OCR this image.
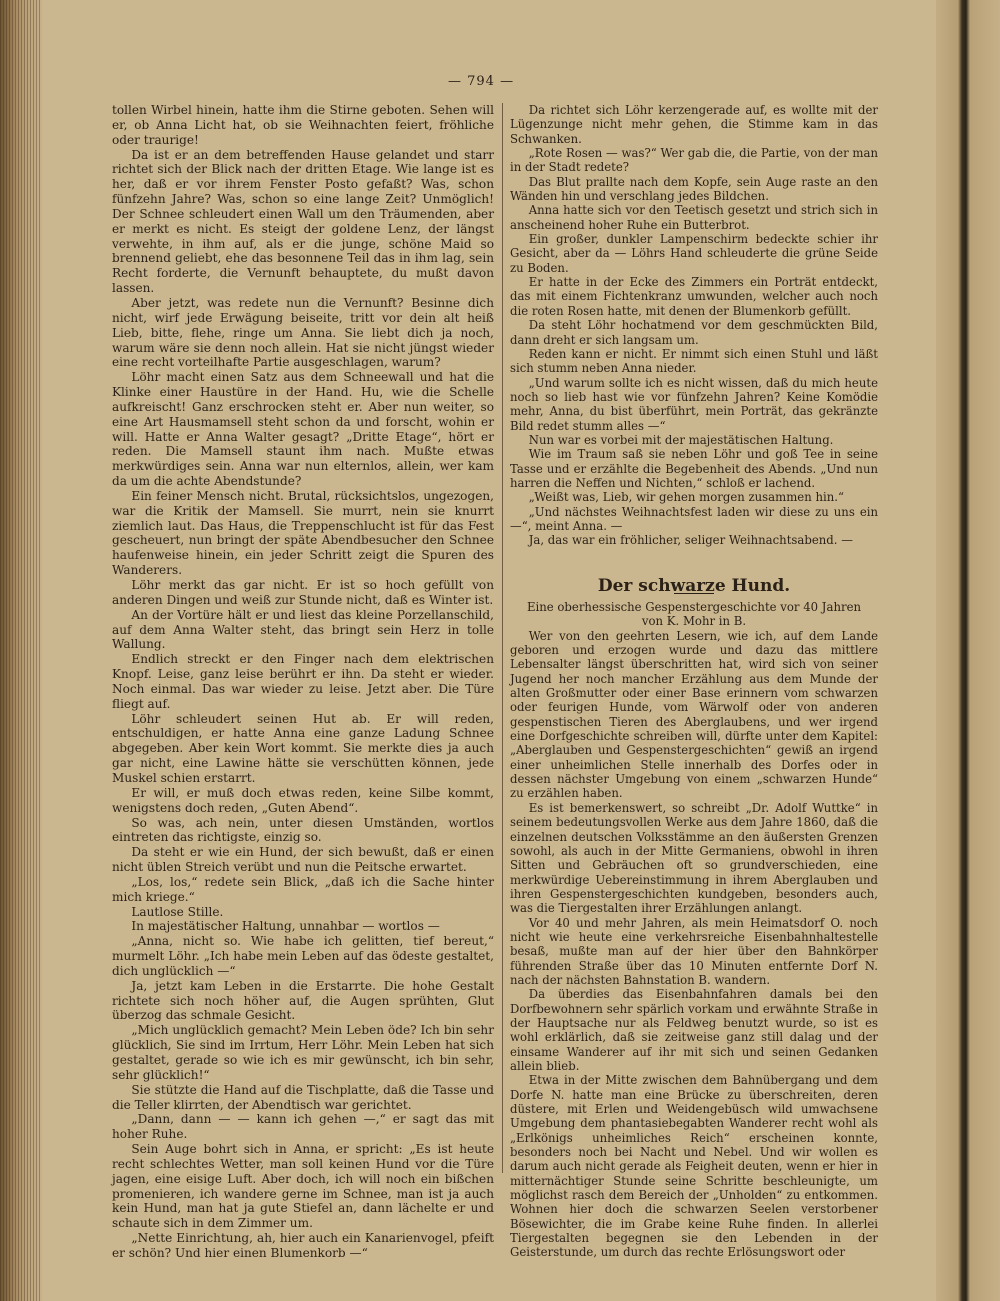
— 794 —

tollen Wirbel hinein, hatte ihm die Stirne geboten. Sehen will er, ob Anna Licht hat, ob sie Weihnachten feiert, fröhliche oder traurige!

Da ist er an dem betreffenden Hause gelandet und starr richtet sich der Blick nach der dritten Etage. Wie lange ist es her, daß er vor ihrem Fenster Posto gefaßt? Was, schon fünfzehn Jahre? Was, schon so eine lange Zeit? Unmöglich! Der Schnee schleudert einen Wall um den Träumenden, aber er merkt es nicht. Es steigt der goldene Lenz, der längst verwehte, in ihm auf, als er die junge, schöne Maid so brennend geliebt, ehe das besonnene Teil das in ihm lag, sein Recht forderte, die Vernunft behauptete, du mußt davon lassen.

Aber jetzt, was redete nun die Vernunft? Besinne dich nicht, wirf jede Erwägung beiseite, tritt vor dein alt heiß Lieb, bitte, flehe, ringe um Anna. Sie liebt dich ja noch, warum wäre sie denn noch allein. Hat sie nicht jüngst wieder eine recht vorteilhafte Partie ausgeschlagen, warum?

Löhr macht einen Satz aus dem Schneewall und hat die Klinke einer Haustüre in der Hand. Hu, wie die Schelle aufkreischt! Ganz erschrocken steht er. Aber nun weiter, so eine Art Hausmamsell steht schon da und forscht, wohin er will. Hatte er Anna Walter gesagt? „Dritte Etage“, hört er reden. Die Mamsell staunt ihm nach. Mußte etwas merkwürdiges sein. Anna war nun elternlos, allein, wer kam da um die achte Abendstunde?

Ein feiner Mensch nicht. Brutal, rücksichtslos, ungezogen, war die Kritik der Mamsell. Sie murrt, nein sie knurrt ziemlich laut. Das Haus, die Treppenschlucht ist für das Fest gescheuert, nun bringt der späte Abendbesucher den Schnee haufenweise hinein, ein jeder Schritt zeigt die Spuren des Wanderers.

Löhr merkt das gar nicht. Er ist so hoch gefüllt von anderen Dingen und weiß zur Stunde nicht, daß es Winter ist.

An der Vortüre hält er und liest das kleine Porzellanschild, auf dem Anna Walter steht, das bringt sein Herz in tolle Wallung.

Endlich streckt er den Finger nach dem elektrischen Knopf. Leise, ganz leise berührt er ihn. Da steht er wieder. Noch einmal. Das war wieder zu leise. Jetzt aber. Die Türe fliegt auf.

Löhr schleudert seinen Hut ab. Er will reden, entschuldigen, er hatte Anna eine ganze Ladung Schnee abgegeben. Aber kein Wort kommt. Sie merkte dies ja auch gar nicht, eine Lawine hätte sie verschütten können, jede Muskel schien erstarrt.

Er will, er muß doch etwas reden, keine Silbe kommt, wenigstens doch reden, „Guten Abend“.

So was, ach nein, unter diesen Umständen, wortlos eintreten das richtigste, einzig so.

Da steht er wie ein Hund, der sich bewußt, daß er einen nicht üblen Streich verübt und nun die Peitsche erwartet.

„Los, los,“ redete sein Blick, „daß ich die Sache hinter mich kriege.“

Lautlose Stille.

In majestätischer Haltung, unnahbar — wortlos —

„Anna, nicht so. Wie habe ich gelitten, tief bereut,“ murmelt Löhr. „Ich habe mein Leben auf das ödeste gestaltet, dich unglücklich —“

Ja, jetzt kam Leben in die Erstarrte. Die hohe Gestalt richtete sich noch höher auf, die Augen sprühten, Glut überzog das schmale Gesicht.

„Mich unglücklich gemacht? Mein Leben öde? Ich bin sehr glücklich, Sie sind im Irrtum, Herr Löhr. Mein Leben hat sich gestaltet, gerade so wie ich es mir gewünscht, ich bin sehr, sehr glücklich!“

Sie stützte die Hand auf die Tischplatte, daß die Tasse und die Teller klirrten, der Abendtisch war gerichtet.

„Dann, dann — — kann ich gehen —,“ er sagt das mit hoher Ruhe.

Sein Auge bohrt sich in Anna, er spricht: „Es ist heute recht schlechtes Wetter, man soll keinen Hund vor die Türe jagen, eine eisige Luft. Aber doch, ich will noch ein bißchen promenieren, ich wandere gerne im Schnee, man ist ja auch kein Hund, man hat ja gute Stiefel an, dann lächelte er und schaute sich in dem Zimmer um.

„Nette Einrichtung, ah, hier auch ein Kanarienvogel, pfeift er schön? Und hier einen Blumenkorb —“

Da richtet sich Löhr kerzengerade auf, es wollte mit der Lügenzunge nicht mehr gehen, die Stimme kam in das Schwanken.

„Rote Rosen — was?“ Wer gab die, die Partie, von der man in der Stadt redete?

Das Blut prallte nach dem Kopfe, sein Auge raste an den Wänden hin und verschlang jedes Bildchen.

Anna hatte sich vor den Teetisch gesetzt und strich sich in anscheinend hoher Ruhe ein Butterbrot.

Ein großer, dunkler Lampenschirm bedeckte schier ihr Gesicht, aber da — Löhrs Hand schleuderte die grüne Seide zu Boden.

Er hatte in der Ecke des Zimmers ein Porträt entdeckt, das mit einem Fichtenkranz umwunden, welcher auch noch die roten Rosen hatte, mit denen der Blumenkorb gefüllt.

Da steht Löhr hochatmend vor dem geschmückten Bild, dann dreht er sich langsam um.

Reden kann er nicht. Er nimmt sich einen Stuhl und läßt sich stumm neben Anna nieder.

„Und warum sollte ich es nicht wissen, daß du mich heute noch so lieb hast wie vor fünfzehn Jahren? Keine Komödie mehr, Anna, du bist überführt, mein Porträt, das gekränzte Bild redet stumm alles —“

Nun war es vorbei mit der majestätischen Haltung.

Wie im Traum saß sie neben Löhr und goß Tee in seine Tasse und er erzählte die Begebenheit des Abends. „Und nun harren die Neffen und Nichten,“ schloß er lachend.

„Weißt was, Lieb, wir gehen morgen zusammen hin.“

„Und nächstes Weihnachtsfest laden wir diese zu uns ein —“, meint Anna. —

Ja, das war ein fröhlicher, seliger Weihnachtsabend. —

Der schwarze Hund.

Eine oberhessische Gespenstergeschichte vor 40 Jahren
von K. Mohr in B.

Wer von den geehrten Lesern, wie ich, auf dem Lande geboren und erzogen wurde und dazu das mittlere Lebensalter längst überschritten hat, wird sich von seiner Jugend her noch mancher Erzählung aus dem Munde der alten Großmutter oder einer Base erinnern vom schwarzen oder feurigen Hunde, vom Wärwolf oder von anderen gespenstischen Tieren des Aberglaubens, und wer irgend eine Dorfgeschichte schreiben will, dürfte unter dem Kapitel: „Aberglauben und Gespenstergeschichten“ gewiß an irgend einer unheimlichen Stelle innerhalb des Dorfes oder in dessen nächster Umgebung von einem „schwarzen Hunde“ zu erzählen haben.

Es ist bemerkenswert, so schreibt „Dr. Adolf Wuttke“ in seinem bedeutungsvollen Werke aus dem Jahre 1860, daß die einzelnen deutschen Volksstämme an den äußersten Grenzen sowohl, als auch in der Mitte Germaniens, obwohl in ihren Sitten und Gebräuchen oft so grundverschieden, eine merkwürdige Uebereinstimmung in ihrem Aberglauben und ihren Gespenstergeschichten kundgeben, besonders auch, was die Tiergestalten ihrer Erzählungen anlangt.

Vor 40 und mehr Jahren, als mein Heimatsdorf O. noch nicht wie heute eine verkehrsreiche Eisenbahnhaltestelle besaß, mußte man auf der hier über den Bahnkörper führenden Straße über das 10 Minuten entfernte Dorf N. nach der nächsten Bahnstation B. wandern.

Da überdies das Eisenbahnfahren damals bei den Dorfbewohnern sehr spärlich vorkam und erwähnte Straße in der Hauptsache nur als Feldweg benutzt wurde, so ist es wohl erklärlich, daß sie zeitweise ganz still dalag und der einsame Wanderer auf ihr mit sich und seinen Gedanken allein blieb.

Etwa in der Mitte zwischen dem Bahnübergang und dem Dorfe N. hatte man eine Brücke zu überschreiten, deren düstere, mit Erlen und Weidengebüsch wild umwachsene Umgebung dem phantasiebegabten Wanderer recht wohl als „Erlkönigs unheimliches Reich“ erscheinen konnte, besonders noch bei Nacht und Nebel. Und wir wollen es darum auch nicht gerade als Feigheit deuten, wenn er hier in mitternächtiger Stunde seine Schritte beschleunigte, um möglichst rasch dem Bereich der „Unholden“ zu entkommen. Wohnen hier doch die schwarzen Seelen verstorbener Bösewichter, die im Grabe keine Ruhe finden. In allerlei Tiergestalten begegnen sie den Lebenden in der Geisterstunde, um durch das rechte Erlösungswort oder
